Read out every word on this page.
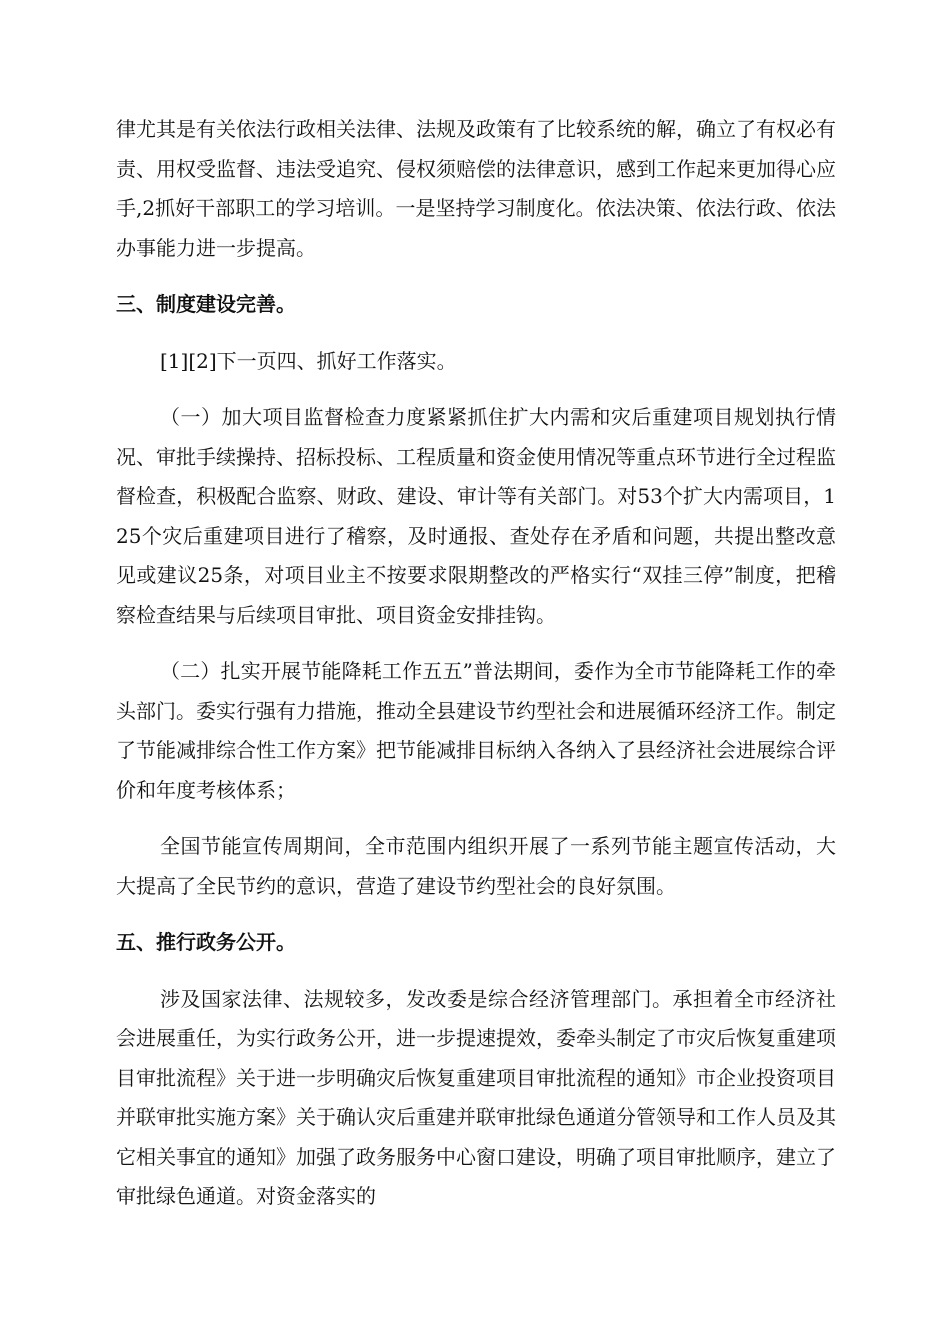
律尤其是有关依法行政相关法律、法规及政策有了比较系统的解，确立了有权必有责、用权受监督、违法受追究、侵权须赔偿的法律意识，感到工作起来更加得心应手,2抓好干部职工的学习培训。一是坚持学习制度化。依法决策、依法行政、依法办事能力进一步提高。

三、制度建设完善。

[1][2]下一页四、抓好工作落实。

（一）加大项目监督检查力度紧紧抓住扩大内需和灾后重建项目规划执行情况、审批手续操持、招标投标、工程质量和资金使用情况等重点环节进行全过程监督检查，积极配合监察、财政、建设、审计等有关部门。对53个扩大内需项目，125个灾后重建项目进行了稽察，及时通报、查处存在矛盾和问题，共提出整改意见或建议25条，对项目业主不按要求限期整改的严格实行“双挂三停”制度，把稽察检查结果与后续项目审批、项目资金安排挂钩。

（二）扎实开展节能降耗工作五五”普法期间，委作为全市节能降耗工作的牵头部门。委实行强有力措施，推动全县建设节约型社会和进展循环经济工作。制定了节能减排综合性工作方案》把节能减排目标纳入各纳入了县经济社会进展综合评价和年度考核体系；

全国节能宣传周期间，全市范围内组织开展了一系列节能主题宣传活动，大大提高了全民节约的意识，营造了建设节约型社会的良好氛围。

五、推行政务公开。

涉及国家法律、法规较多，发改委是综合经济管理部门。承担着全市经济社会进展重任，为实行政务公开，进一步提速提效，委牵头制定了市灾后恢复重建项目审批流程》关于进一步明确灾后恢复重建项目审批流程的通知》市企业投资项目并联审批实施方案》关于确认灾后重建并联审批绿色通道分管领导和工作人员及其它相关事宜的通知》加强了政务服务中心窗口建设，明确了项目审批顺序，建立了审批绿色通道。对资金落实的
